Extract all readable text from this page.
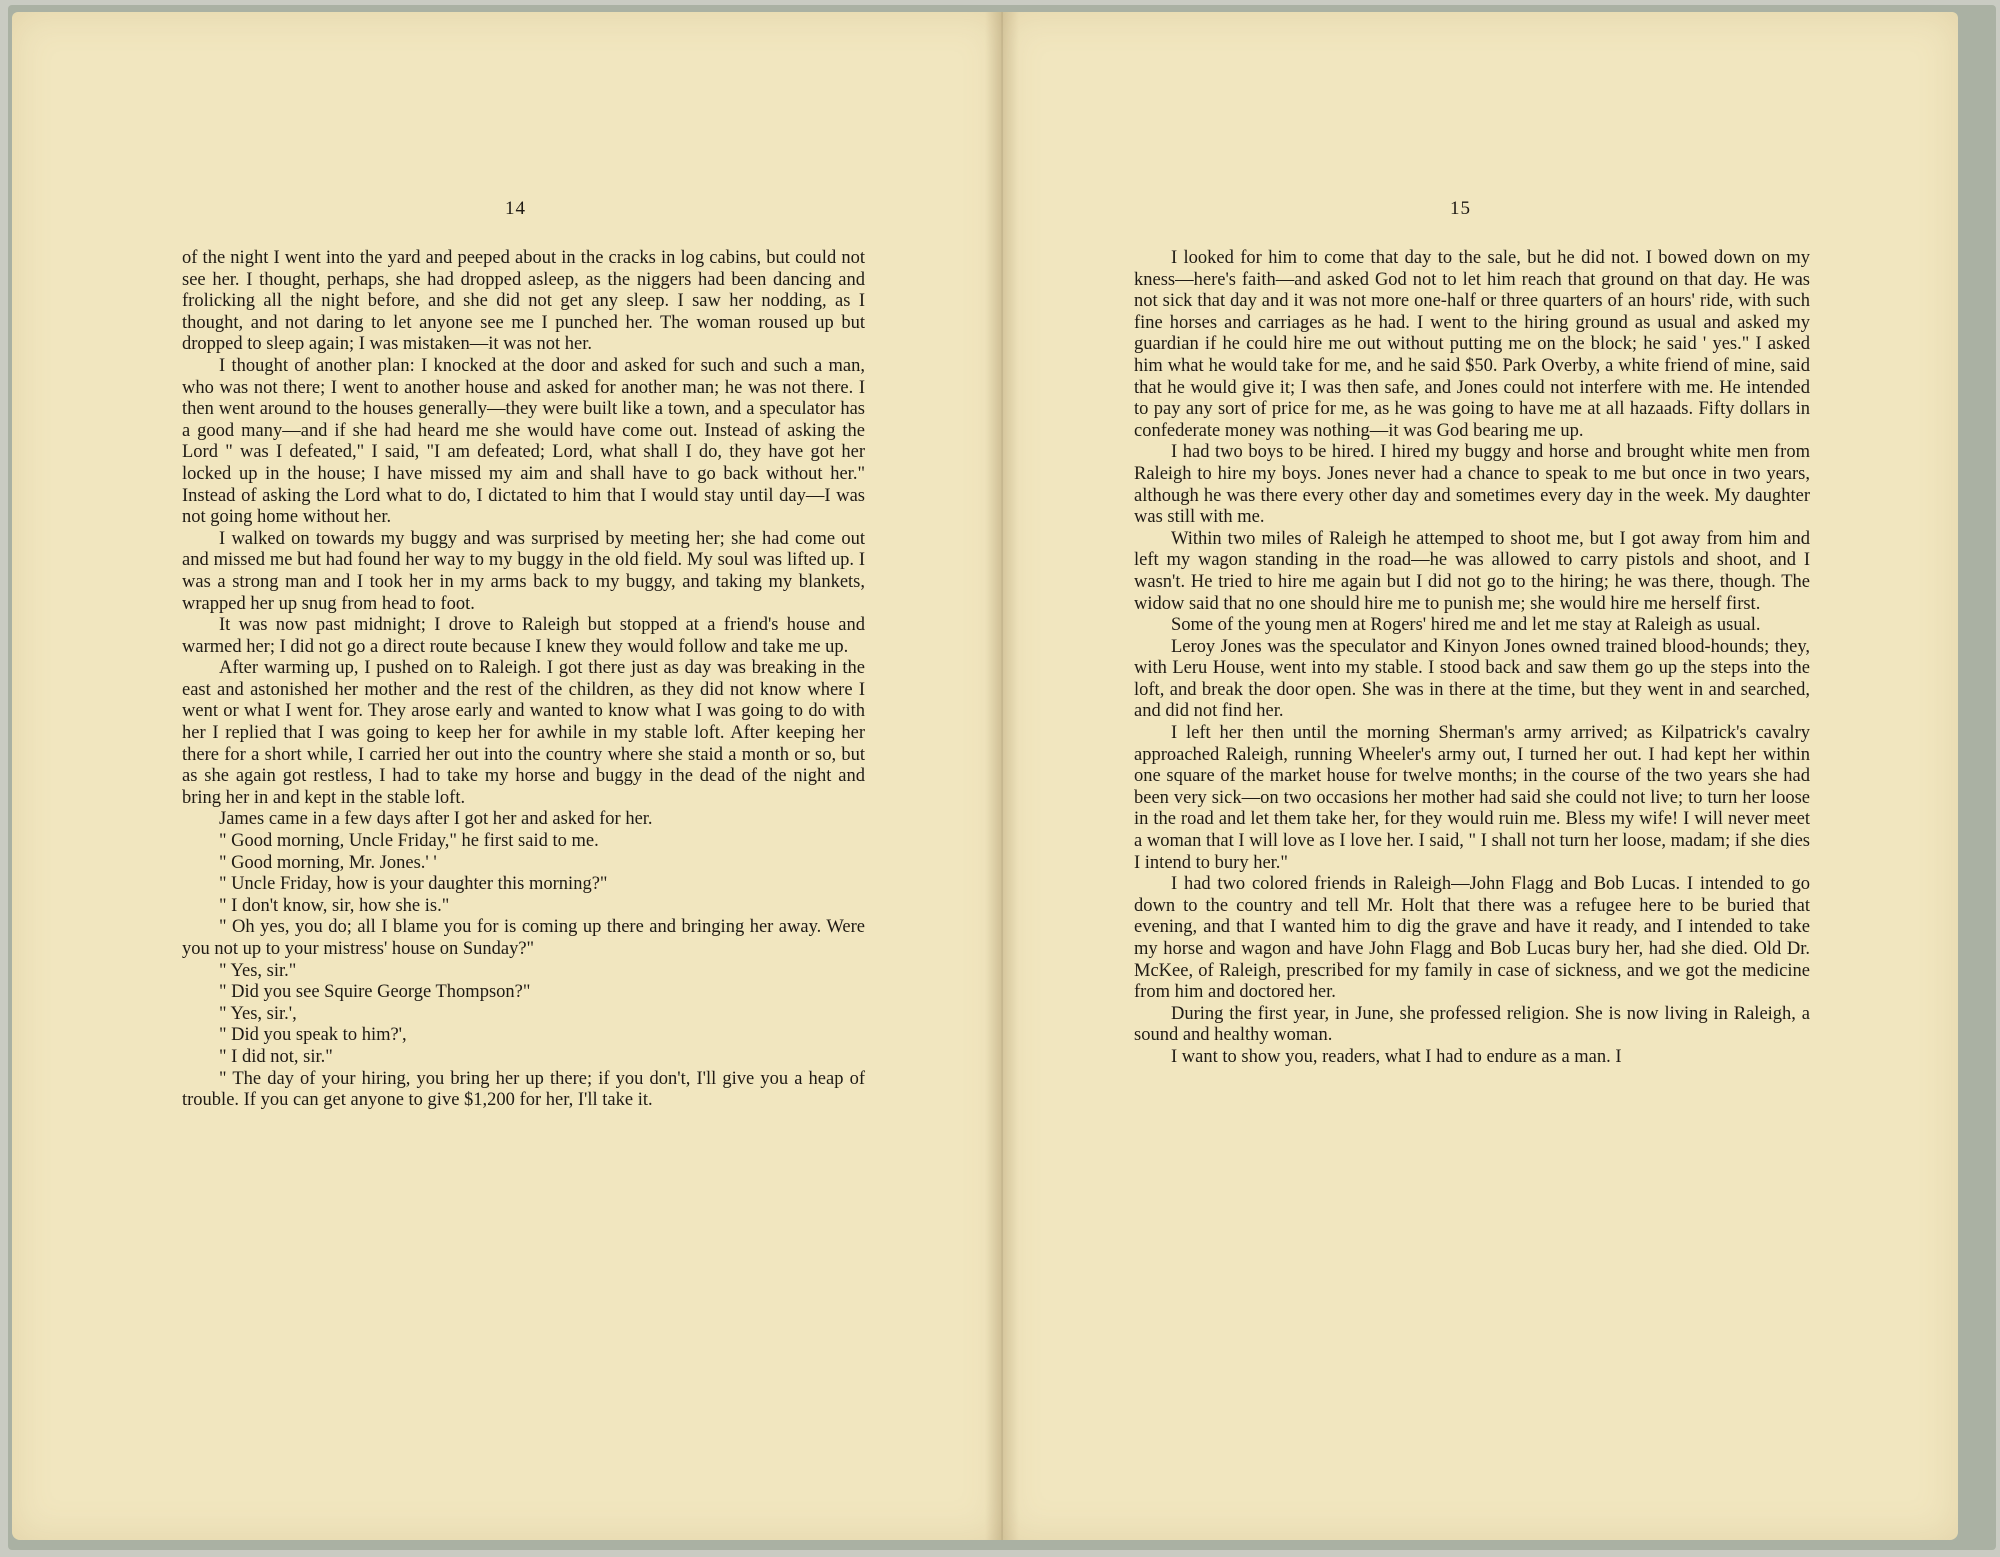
14

of the night I went into the yard and peeped about in the cracks in log cabins, but could not see her. I thought, perhaps, she had dropped asleep, as the niggers had been dancing and frolicking all the night before, and she did not get any sleep. I saw her nodding, as I thought, and not daring to let anyone see me I punched her. The woman roused up but dropped to sleep again; I was mistaken—it was not her.

I thought of another plan: I knocked at the door and asked for such and such a man, who was not there; I went to another house and asked for another man; he was not there. I then went around to the houses generally—they were built like a town, and a speculator has a good many—and if she had heard me she would have come out. Instead of asking the Lord " was I defeated," I said, "I am defeated; Lord, what shall I do, they have got her locked up in the house; I have missed my aim and shall have to go back without her." Instead of asking the Lord what to do, I dictated to him that I would stay until day—I was not going home without her.

I walked on towards my buggy and was surprised by meeting her; she had come out and missed me but had found her way to my buggy in the old field. My soul was lifted up. I was a strong man and I took her in my arms back to my buggy, and taking my blankets, wrapped her up snug from head to foot.

It was now past midnight; I drove to Raleigh but stopped at a friend's house and warmed her; I did not go a direct route because I knew they would follow and take me up.

After warming up, I pushed on to Raleigh. I got there just as day was breaking in the east and astonished her mother and the rest of the children, as they did not know where I went or what I went for. They arose early and wanted to know what I was going to do with her I replied that I was going to keep her for awhile in my stable loft. After keeping her there for a short while, I carried her out into the country where she staid a month or so, but as she again got restless, I had to take my horse and buggy in the dead of the night and bring her in and kept in the stable loft.

James came in a few days after I got her and asked for her.

" Good morning, Uncle Friday," he first said to me.

" Good morning, Mr. Jones.' '

" Uncle Friday, how is your daughter this morning?"

" I don't know, sir, how she is."

" Oh yes, you do; all I blame you for is coming up there and bringing her away. Were you not up to your mistress' house on Sunday?"

" Yes, sir."

" Did you see Squire George Thompson?"

" Yes, sir.',

" Did you speak to him?',

" I did not, sir."

" The day of your hiring, you bring her up there; if you don't, I'll give you a heap of trouble. If you can get anyone to give $1,200 for her, I'll take it.

15

I looked for him to come that day to the sale, but he did not. I bowed down on my kness—here's faith—and asked God not to let him reach that ground on that day. He was not sick that day and it was not more one-half or three quarters of an hours' ride, with such fine horses and carriages as he had. I went to the hiring ground as usual and asked my guardian if he could hire me out without putting me on the block; he said ' yes." I asked him what he would take for me, and he said $50. Park Overby, a white friend of mine, said that he would give it; I was then safe, and Jones could not interfere with me. He intended to pay any sort of price for me, as he was going to have me at all hazaads. Fifty dollars in confederate money was nothing—it was God bearing me up.

I had two boys to be hired. I hired my buggy and horse and brought white men from Raleigh to hire my boys. Jones never had a chance to speak to me but once in two years, although he was there every other day and sometimes every day in the week. My daughter was still with me.

Within two miles of Raleigh he attemped to shoot me, but I got away from him and left my wagon standing in the road—he was allowed to carry pistols and shoot, and I wasn't. He tried to hire me again but I did not go to the hiring; he was there, though. The widow said that no one should hire me to punish me; she would hire me herself first.

Some of the young men at Rogers' hired me and let me stay at Raleigh as usual.

Leroy Jones was the speculator and Kinyon Jones owned trained blood-hounds; they, with Leru House, went into my stable. I stood back and saw them go up the steps into the loft, and break the door open. She was in there at the time, but they went in and searched, and did not find her.

I left her then until the morning Sherman's army arrived; as Kilpatrick's cavalry approached Raleigh, running Wheeler's army out, I turned her out. I had kept her within one square of the market house for twelve months; in the course of the two years she had been very sick—on two occasions her mother had said she could not live; to turn her loose in the road and let them take her, for they would ruin me. Bless my wife! I will never meet a woman that I will love as I love her. I said, " I shall not turn her loose, madam; if she dies I intend to bury her."

I had two colored friends in Raleigh—John Flagg and Bob Lucas. I intended to go down to the country and tell Mr. Holt that there was a refugee here to be buried that evening, and that I wanted him to dig the grave and have it ready, and I intended to take my horse and wagon and have John Flagg and Bob Lucas bury her, had she died. Old Dr. McKee, of Raleigh, prescribed for my family in case of sickness, and we got the medicine from him and doctored her.

During the first year, in June, she professed religion. She is now living in Raleigh, a sound and healthy woman.

I want to show you, readers, what I had to endure as a man. I
